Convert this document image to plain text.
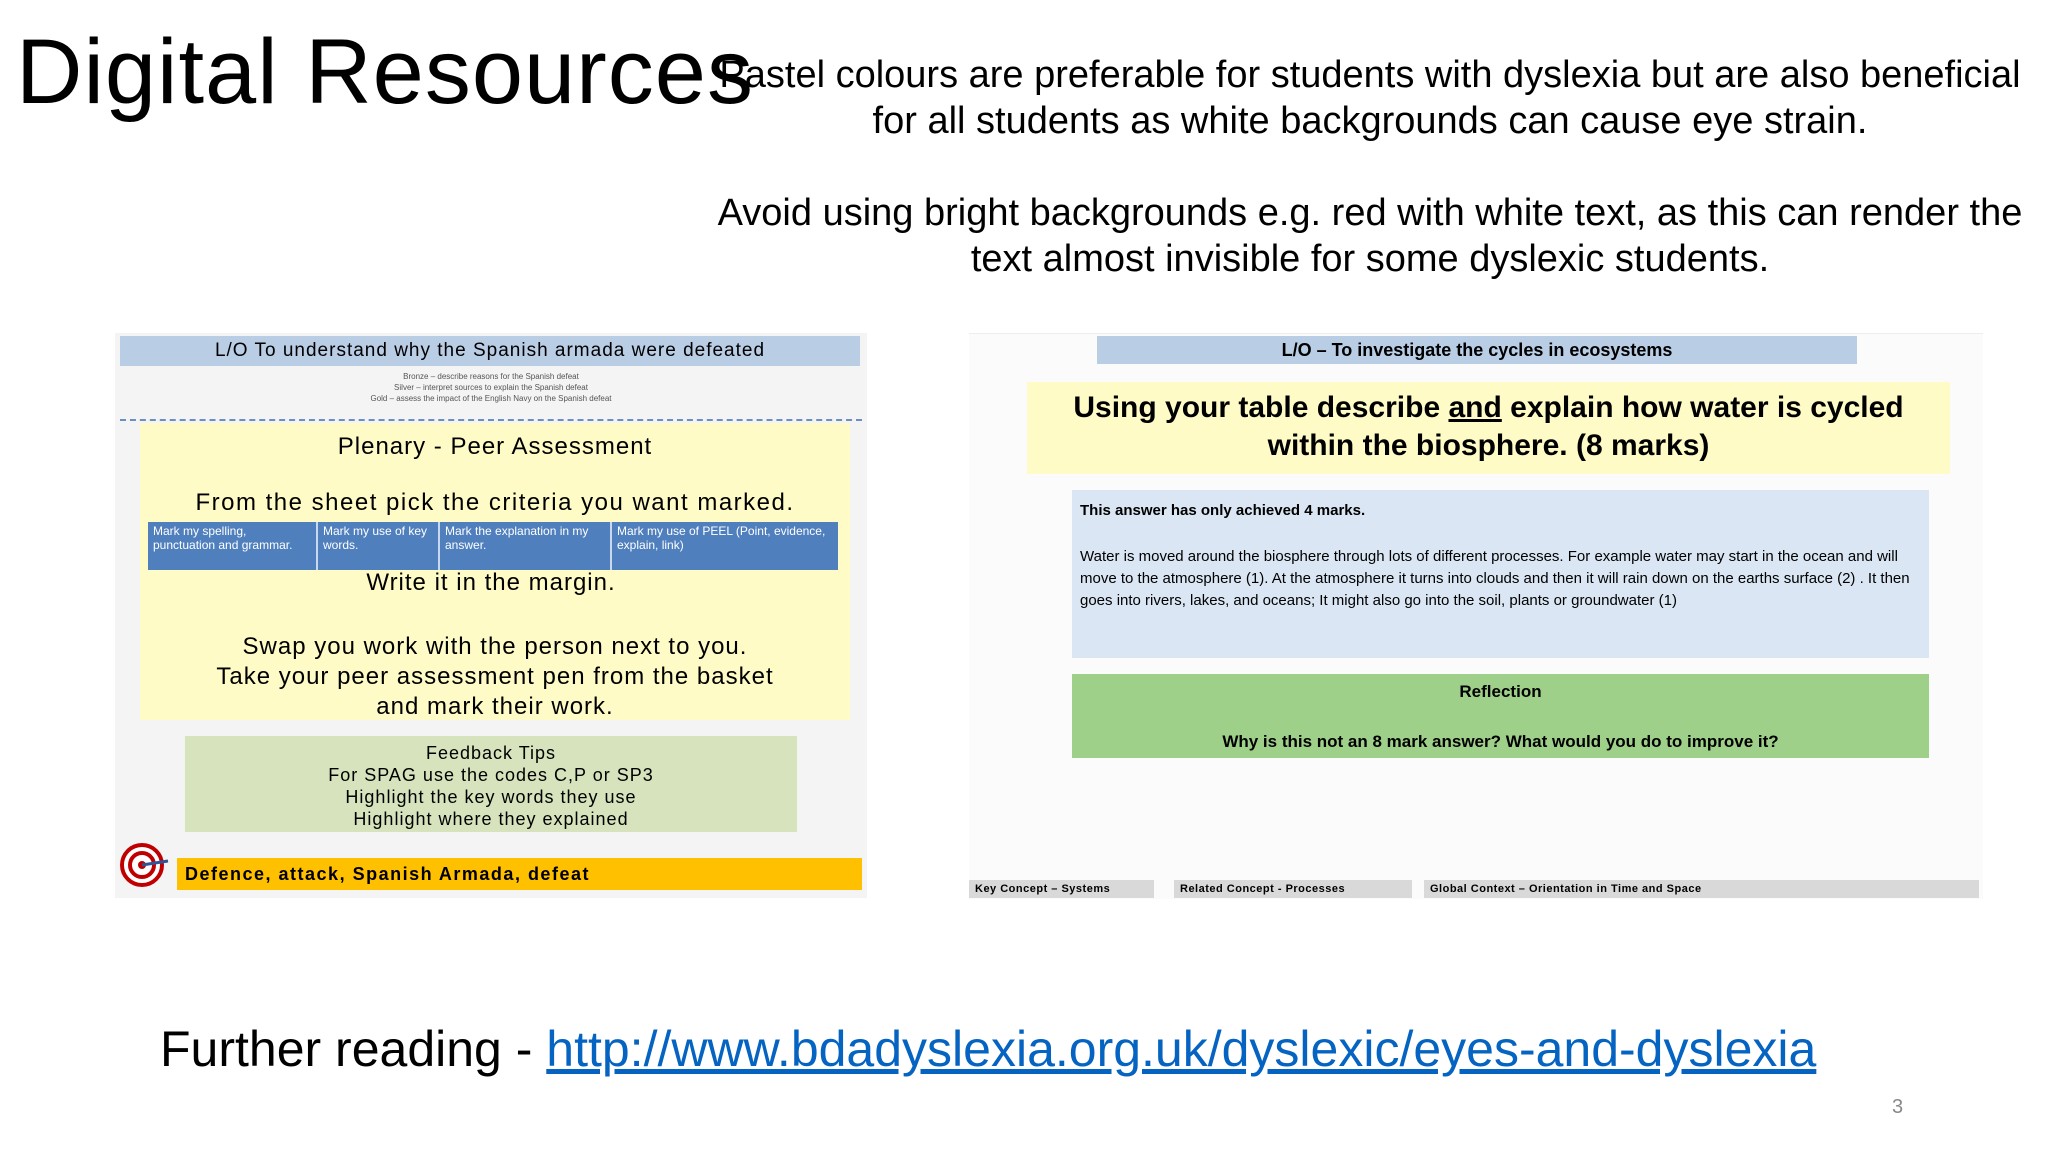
Digital Resources

Pastel colours are preferable for students with dyslexia but are also beneficial for all students as white backgrounds can cause eye strain.

Avoid using bright backgrounds e.g. red with white text, as this can render the text almost invisible for some dyslexic students.

L/O To understand why the Spanish armada were defeated
Bronze – describe reasons for the Spanish defeat
Silver – interpret sources to explain the Spanish defeat
Gold – assess the impact of the English Navy on the Spanish defeat
Plenary - Peer Assessment
From the sheet pick the criteria you want marked.
Mark my spelling, punctuation and grammar.
Mark my use of key words.
Mark the explanation in my answer.
Mark my use of PEEL (Point, evidence, explain, link)
Write it in the margin.
Swap you work with the person next to you.
Take your peer assessment pen from the basket
and mark their work.
Feedback Tips
For SPAG use the codes C,P or SP3
Highlight the key words they use
Highlight where they explained
Defence, attack, Spanish Armada, defeat
L/O – To investigate the cycles in ecosystems
Using your table describe and explain how water is cycled within the biosphere. (8 marks)
This answer has only achieved 4 marks.
Water is moved around the biosphere through lots of different processes. For example water may start in the ocean and will move to the atmosphere (1). At the atmosphere it turns into clouds and then it will rain down on the earths surface (2) . It then goes into rivers, lakes, and oceans; It might also go into the soil, plants or groundwater (1)
Reflection
Why is this not an 8 mark answer? What would you do to improve it?
Key Concept – Systems	Related Concept - Processes	Global Context – Orientation in Time and Space
Further reading - http://www.bdadyslexia.org.uk/dyslexic/eyes-and-dyslexia
3
